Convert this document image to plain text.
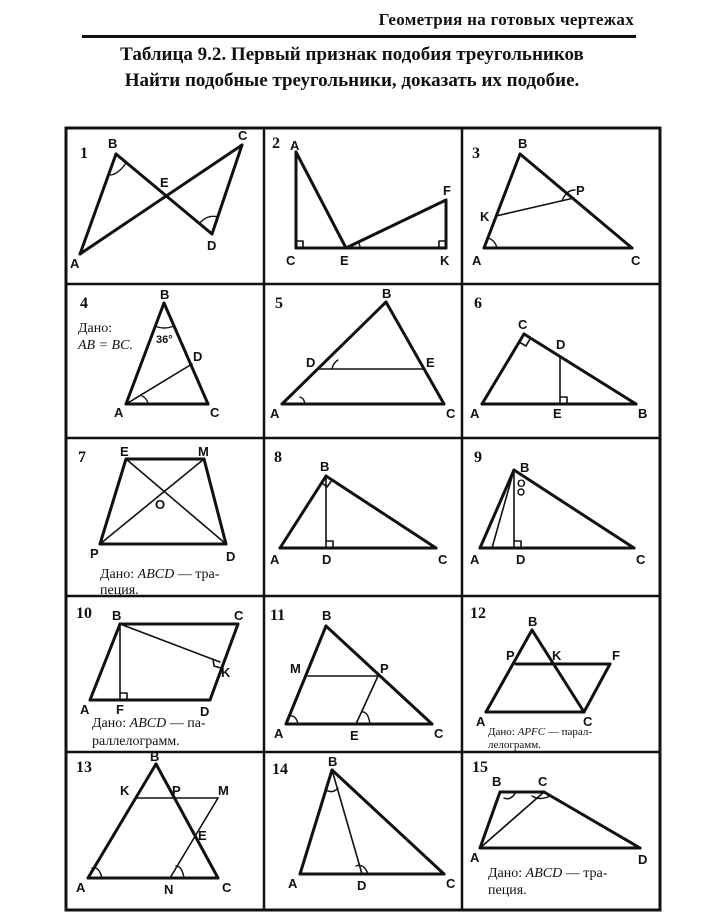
Геометрия на готовых чертежах
Таблица 9.2. Первый признак подобия треугольников
Найти подобные треугольники, доказать их подобие.
1
B
C
E
D
A
2 A
F
C	E	K
3
B
P
K
A	C
4
Дано:
AB = BC.
B
36°
D
A	C
5
B
D	E
A	C
6
C
D
A	E	B
7	E	M
O
P	D
Дано: ABCD — тра-
пеция.
8
B
A	D	C
9
B
O
A	D	C
10 B	C
K
A F	D
Дано: ABCD — па-
раллелограмм.
11	B
M	P
A	E	C
12	B
P	K	F
A	C
Дано: APFC — парал-
лелограмм.
13
B
K	P	M
E
A	N	C
14	B
A	D	C
15
B	C
A	D
Дано: ABCD — тра-
пеция.
